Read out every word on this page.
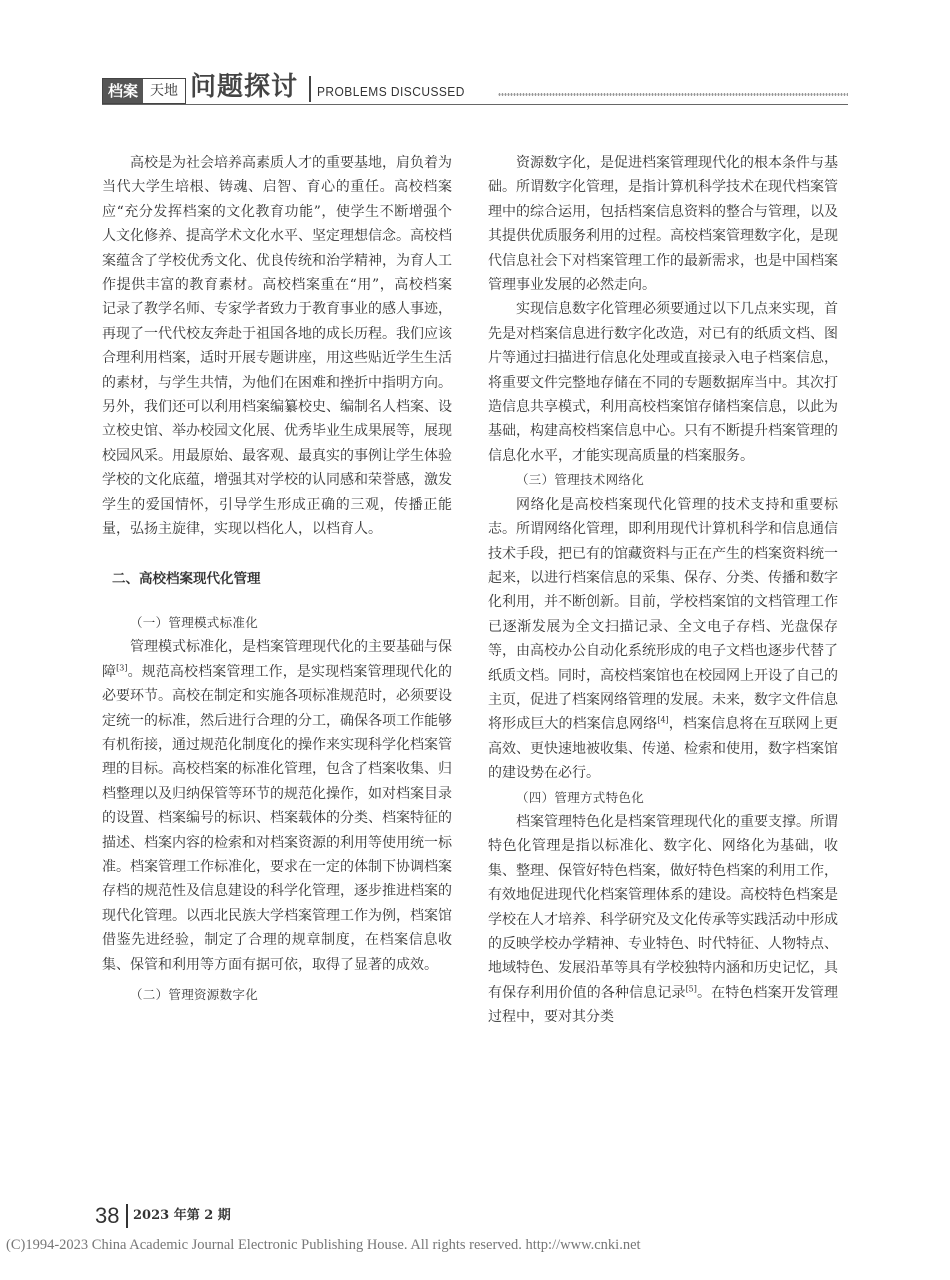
档案 天地 问题探讨 PROBLEMS DISCUSSED

高校是为社会培养高素质人才的重要基地，肩负着为当代大学生培根、铸魂、启智、育心的重任。高校档案应“充分发挥档案的文化教育功能”，使学生不断增强个人文化修养、提高学术文化水平、坚定理想信念。高校档案蕴含了学校优秀文化、优良传统和治学精神，为育人工作提供丰富的教育素材。高校档案重在“用”，高校档案记录了教学名师、专家学者致力于教育事业的感人事迹，再现了一代代校友奔赴于祖国各地的成长历程。我们应该合理利用档案，适时开展专题讲座，用这些贴近学生生活的素材，与学生共情，为他们在困难和挫折中指明方向。另外，我们还可以利用档案编纂校史、编制名人档案、设立校史馆、举办校园文化展、优秀毕业生成果展等，展现校园风采。用最原始、最客观、最真实的事例让学生体验学校的文化底蕴，增强其对学校的认同感和荣誉感，激发学生的爱国情怀，引导学生形成正确的三观，传播正能量，弘扬主旋律，实现以档化人，以档育人。

二、高校档案现代化管理

（一）管理模式标准化

管理模式标准化，是档案管理现代化的主要基础与保障[3]。规范高校档案管理工作，是实现档案管理现代化的必要环节。高校在制定和实施各项标准规范时，必须要设定统一的标准，然后进行合理的分工，确保各项工作能够有机衔接，通过规范化制度化的操作来实现科学化档案管理的目标。高校档案的标准化管理，包含了档案收集、归档整理以及归纳保管等环节的规范化操作，如对档案目录的设置、档案编号的标识、档案载体的分类、档案特征的描述、档案内容的检索和对档案资源的利用等使用统一标准。档案管理工作标准化，要求在一定的体制下协调档案存档的规范性及信息建设的科学化管理，逐步推进档案的现代化管理。以西北民族大学档案管理工作为例，档案馆借鉴先进经验，制定了合理的规章制度，在档案信息收集、保管和利用等方面有据可依，取得了显著的成效。

（二）管理资源数字化

资源数字化，是促进档案管理现代化的根本条件与基础。所谓数字化管理，是指计算机科学技术在现代档案管理中的综合运用，包括档案信息资料的整合与管理，以及其提供优质服务利用的过程。高校档案管理数字化，是现代信息社会下对档案管理工作的最新需求，也是中国档案管理事业发展的必然走向。

实现信息数字化管理必须要通过以下几点来实现，首先是对档案信息进行数字化改造，对已有的纸质文档、图片等通过扫描进行信息化处理或直接录入电子档案信息，将重要文件完整地存储在不同的专题数据库当中。其次打造信息共享模式，利用高校档案馆存储档案信息，以此为基础，构建高校档案信息中心。只有不断提升档案管理的信息化水平，才能实现高质量的档案服务。

（三）管理技术网络化

网络化是高校档案现代化管理的技术支持和重要标志。所谓网络化管理，即利用现代计算机科学和信息通信技术手段，把已有的馆藏资料与正在产生的档案资料统一起来，以进行档案信息的采集、保存、分类、传播和数字化利用，并不断创新。目前，学校档案馆的文档管理工作已逐渐发展为全文扫描记录、全文电子存档、光盘保存等，由高校办公自动化系统形成的电子文档也逐步代替了纸质文档。同时，高校档案馆也在校园网上开设了自己的主页，促进了档案网络管理的发展。未来，数字文件信息将形成巨大的档案信息网络[4]，档案信息将在互联网上更高效、更快速地被收集、传递、检索和使用，数字档案馆的建设势在必行。

（四）管理方式特色化

档案管理特色化是档案管理现代化的重要支撑。所谓特色化管理是指以标准化、数字化、网络化为基础，收集、整理、保管好特色档案，做好特色档案的利用工作，有效地促进现代化档案管理体系的建设。高校特色档案是学校在人才培养、科学研究及文化传承等实践活动中形成的反映学校办学精神、专业特色、时代特征、人物特点、地域特色、发展沿革等具有学校独特内涵和历史记忆，具有保存利用价值的各种信息记录[5]。在特色档案开发管理过程中，要对其分类

38 2023 年第 2 期
(C)1994-2023 China Academic Journal Electronic Publishing House. All rights reserved. http://www.cnki.net
